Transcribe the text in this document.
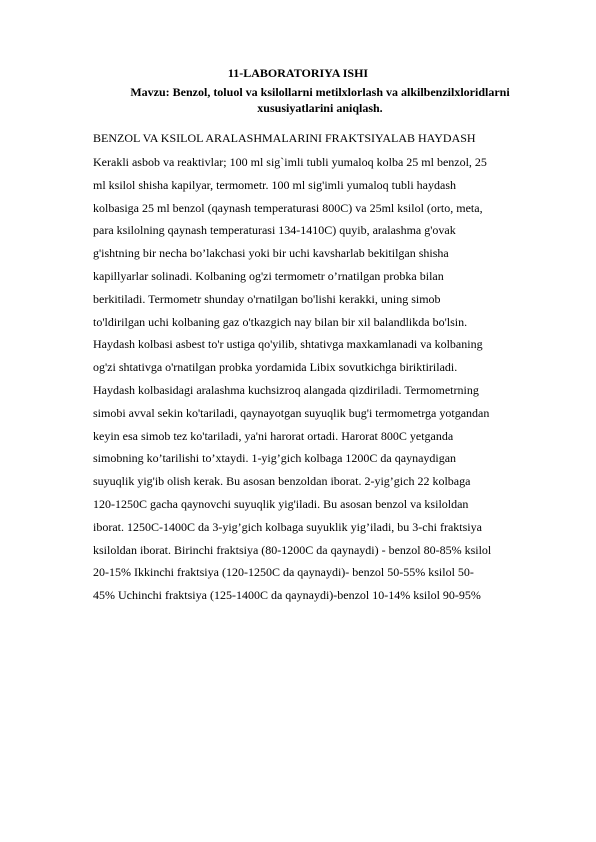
11-LABORATORIYA ISHI
Mavzu: Benzol, toluol va ksilollarni metilxlorlash va alkilbenzilxloridlarni
xususiyatlarini aniqlash.
BENZOL VA KSILOL ARALASHMALARINI FRAKTSIYALAB HAYDASH
Kerakli asbob va reaktivlar; 100 ml sig`imli tubli yumaloq kolba 25 ml benzol, 25
ml ksilol shisha kapilyar, termometr. 100 ml sig'imli yumaloq tubli haydash
kolbasiga 25 ml benzol (qaynash temperaturasi 800C) va 25ml ksilol (orto, meta,
para ksilolning qaynash temperaturasi 134-1410C) quyib, aralashma g'ovak
g'ishtning bir necha bo’lakchasi yoki bir uchi kavsharlab bekitilgan shisha
kapillyarlar solinadi. Kolbaning og'zi termometr o’rnatilgan probka bilan
berkitiladi. Termometr shunday o'rnatilgan bo'lishi kerakki, uning simob
to'ldirilgan uchi kolbaning gaz o'tkazgich nay bilan bir xil balandlikda bo'lsin.
Haydash kolbasi asbest to'r ustiga qo'yilib, shtativga maxkamlanadi va kolbaning
og'zi shtativga o'rnatilgan probka yordamida Libix sovutkichga biriktiriladi.
Haydash kolbasidagi aralashma kuchsizroq alangada qizdiriladi. Termometrning
simobi avval sekin ko'tariladi, qaynayotgan suyuqlik bug'i termometrga yotgandan
keyin esa simob tez ko'tariladi, ya'ni harorat ortadi. Harorat 800C yetganda
simobning ko’tarilishi to’xtaydi. 1-yig’gich kolbaga 1200C da qaynaydigan
suyuqlik yig'ib olish kerak. Bu asosan benzoldan iborat. 2-yig’gich 22 kolbaga
120-1250C gacha qaynovchi suyuqlik yig'iladi. Bu asosan benzol va ksiloldan
iborat. 1250C-1400C da 3-yig’gich kolbaga suyuklik yig’iladi, bu 3-chi fraktsiya
ksiloldan iborat. Birinchi fraktsiya (80-1200C da qaynaydi) - benzol 80-85% ksilol
20-15% Ikkinchi fraktsiya (120-1250C da qaynaydi)- benzol 50-55% ksilol 50-
45% Uchinchi fraktsiya (125-1400C da qaynaydi)-benzol 10-14% ksilol 90-95%
